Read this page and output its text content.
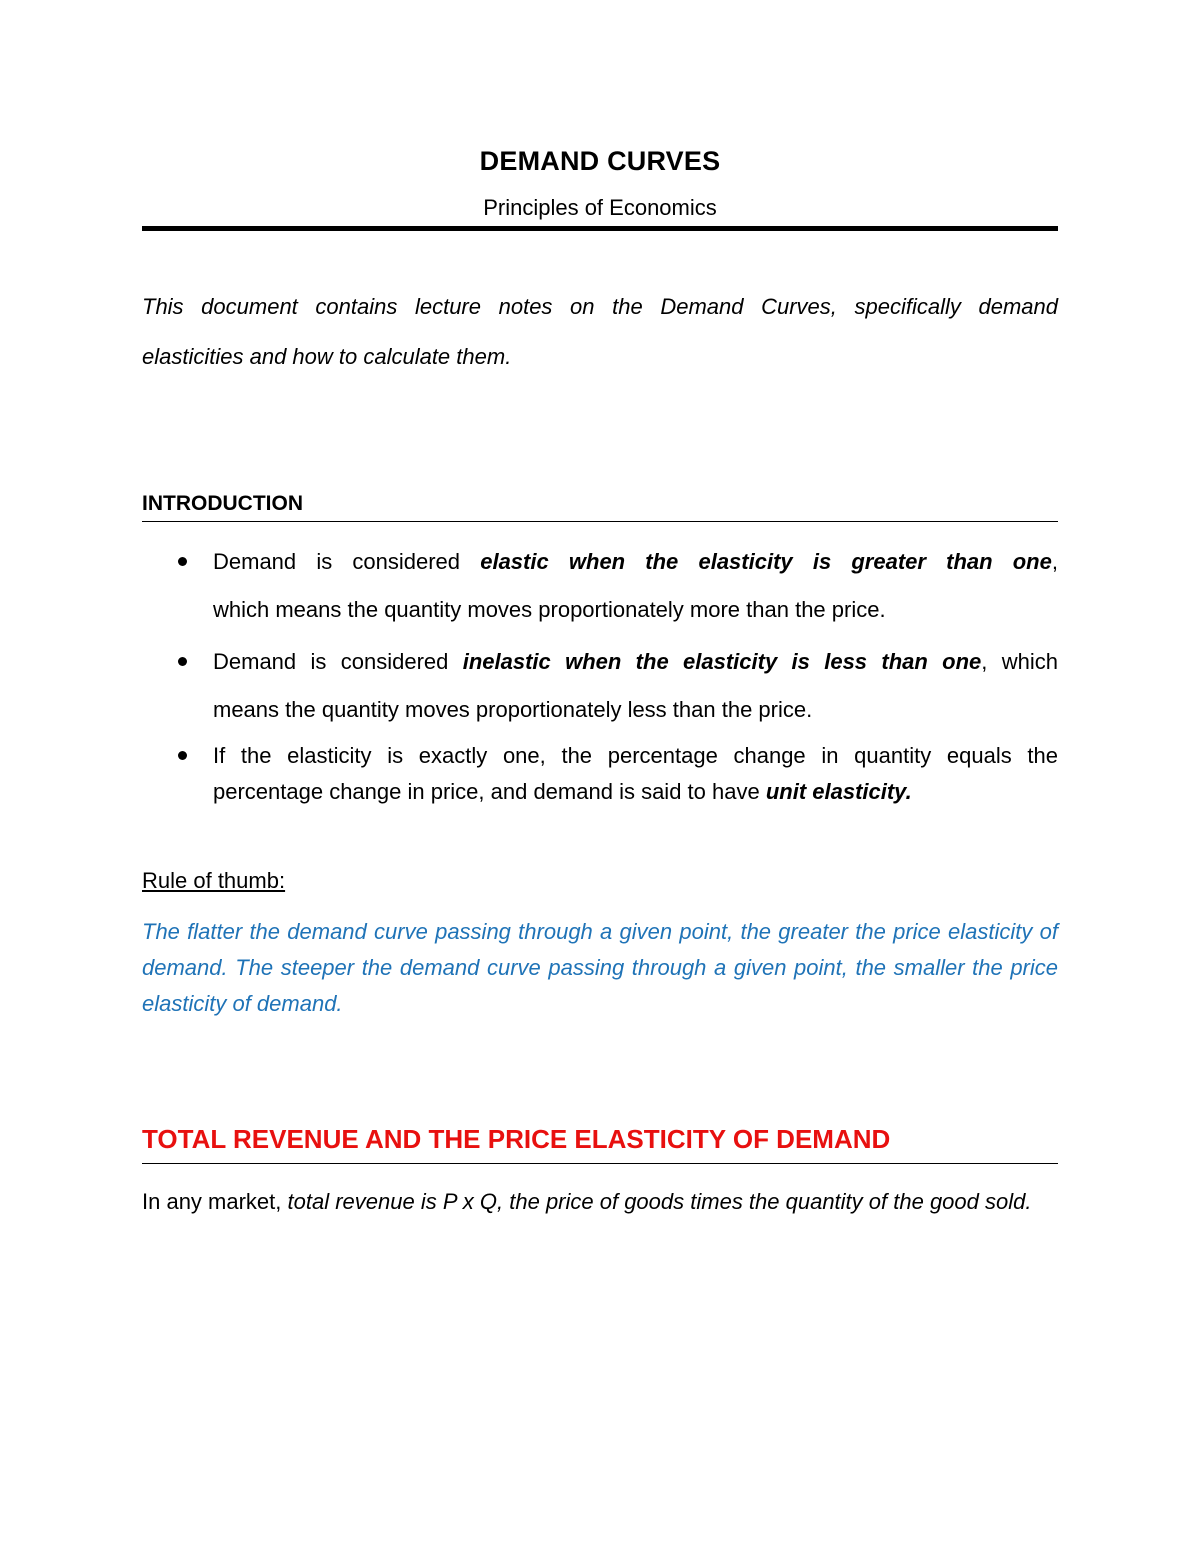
DEMAND CURVES
Principles of Economics
This document contains lecture notes on the Demand Curves, specifically demand
elasticities and how to calculate them.
INTRODUCTION
Demand is considered elastic when the elasticity is greater than one,
which means the quantity moves proportionately more than the price.
Demand is considered inelastic when the elasticity is less than one, which
means the quantity moves proportionately less than the price.
If the elasticity is exactly one, the percentage change in quantity equals the percentage change in price, and demand is said to have unit elasticity.
Rule of thumb:
The flatter the demand curve passing through a given point, the greater the price elasticity of demand. The steeper the demand curve passing through a given point, the smaller the price elasticity of demand.
TOTAL REVENUE AND THE PRICE ELASTICITY OF DEMAND
In any market, total revenue is P x Q, the price of goods times the quantity of the good sold.
